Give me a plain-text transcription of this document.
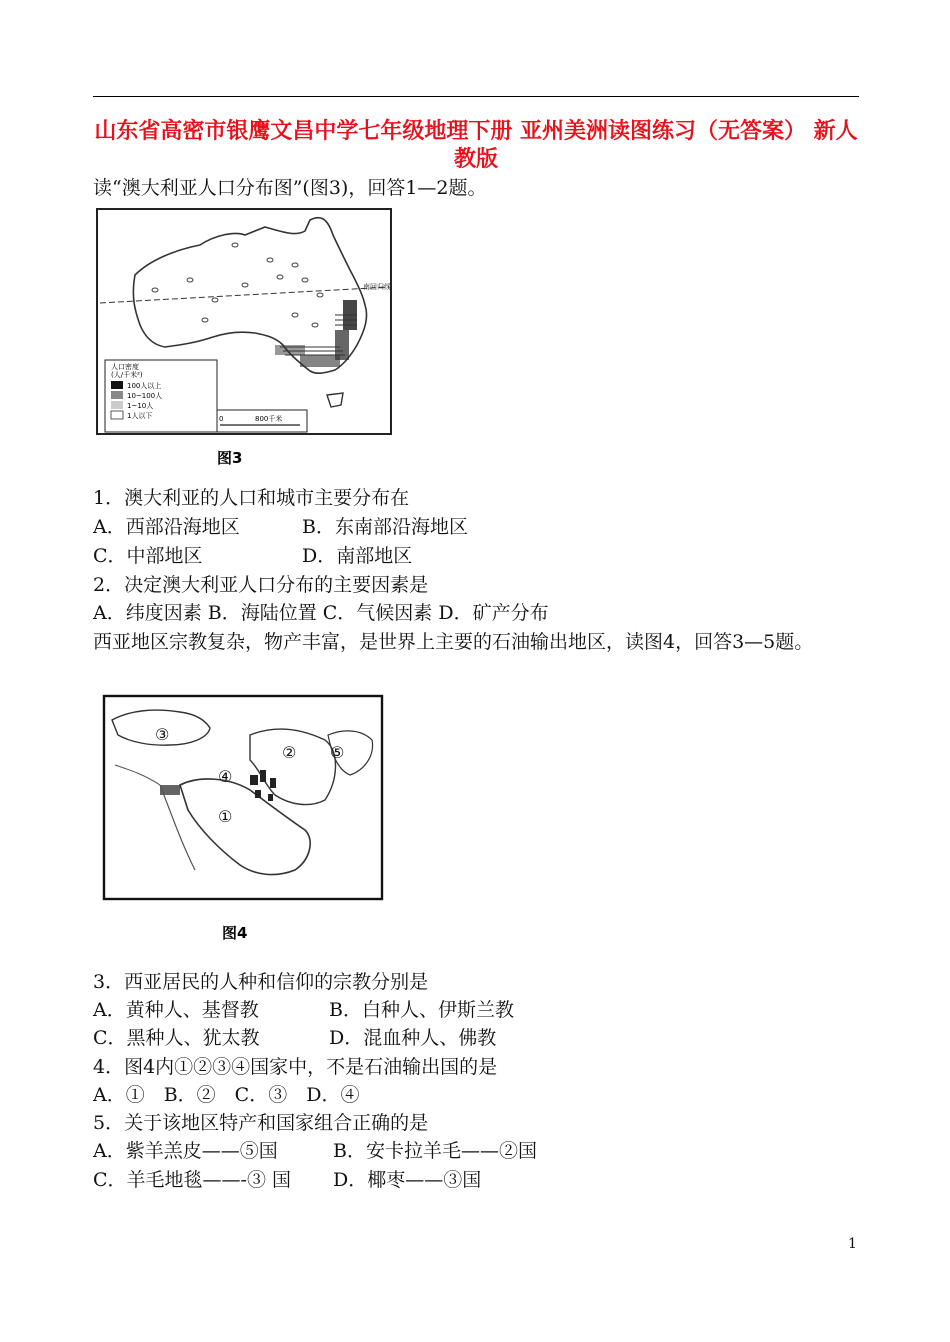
山东省高密市银鹰文昌中学七年级地理下册 亚州美洲读图练习（无答案） 新人教版
读“澳大利亚人口分布图”(图3)，回答1—2题。
南回归线
人口密度
(人/千米²)
100人以上
10~100人
1~10人
1人以下	0	800千米
图3
1．澳大利亚的人口和城市主要分布在
A．西部沿海地区	B．东南部沿海地区
C．中部地区	D．南部地区
2．决定澳大利亚人口分布的主要因素是
A．纬度因素 B．海陆位置 C．气候因素 D．矿产分布
西亚地区宗教复杂，物产丰富，是世界上主要的石油输出地区，读图4，回答3—5题。
③
② ⑤
④
①
图4
3．西亚居民的人种和信仰的宗教分别是
A．黄种人、基督教	B．白种人、伊斯兰教
C．黑种人、犹太教	D．混血种人、佛教
4．图4内①②③④国家中，不是石油输出国的是
A．①　B．②　C．③　D．④
5．关于该地区特产和国家组合正确的是
A．紫羊羔皮——⑤国	B．安卡拉羊毛——②国
C．羊毛地毯——-③ 国 D．椰枣——③国
1
